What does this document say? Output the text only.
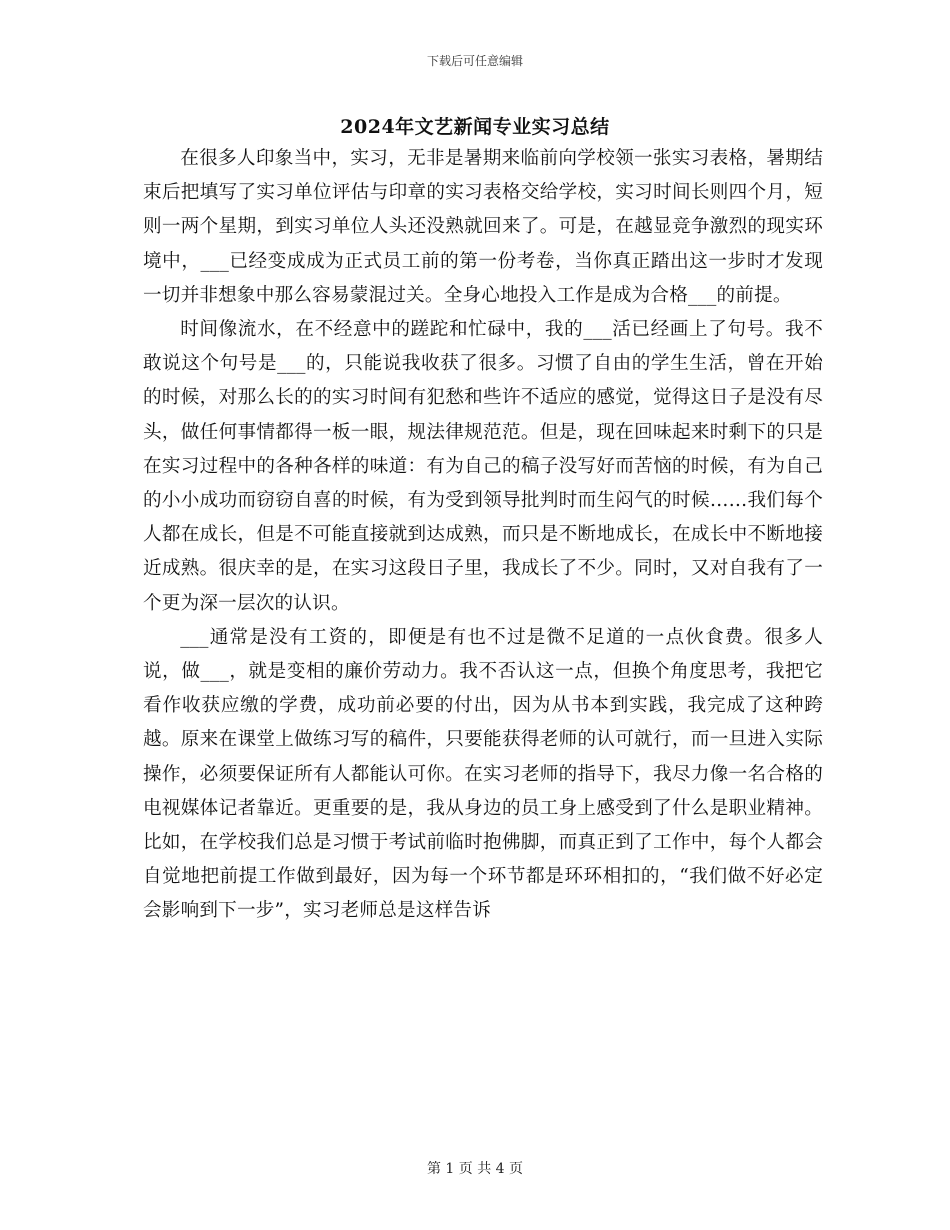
下载后可任意编辑
2024年文艺新闻专业实习总结

在很多人印象当中，实习，无非是暑期来临前向学校领一张实习表格，暑期结束后把填写了实习单位评估与印章的实习表格交给学校，实习时间长则四个月，短则一两个星期，到实习单位人头还没熟就回来了。可是，在越显竞争激烈的现实环境中，___已经变成成为正式员工前的第一份考卷，当你真正踏出这一步时才发现一切并非想象中那么容易蒙混过关。全身心地投入工作是成为合格___的前提。

时间像流水，在不经意中的蹉跎和忙碌中，我的___活已经画上了句号。我不敢说这个句号是___的，只能说我收获了很多。习惯了自由的学生生活，曾在开始的时候，对那么长的的实习时间有犯愁和些许不适应的感觉，觉得这日子是没有尽头，做任何事情都得一板一眼，规法律规范范。但是，现在回味起来时剩下的只是在实习过程中的各种各样的味道：有为自己的稿子没写好而苦恼的时候，有为自己的小小成功而窃窃自喜的时候，有为受到领导批判时而生闷气的时候……我们每个人都在成长，但是不可能直接就到达成熟，而只是不断地成长，在成长中不断地接近成熟。很庆幸的是，在实习这段日子里，我成长了不少。同时，又对自我有了一个更为深一层次的认识。

___通常是没有工资的，即便是有也不过是微不足道的一点伙食费。很多人说，做___，就是变相的廉价劳动力。我不否认这一点，但换个角度思考，我把它看作收获应缴的学费，成功前必要的付出，因为从书本到实践，我完成了这种跨越。原来在课堂上做练习写的稿件，只要能获得老师的认可就行，而一旦进入实际操作，必须要保证所有人都能认可你。在实习老师的指导下，我尽力像一名合格的电视媒体记者靠近。更重要的是，我从身边的员工身上感受到了什么是职业精神。比如，在学校我们总是习惯于考试前临时抱佛脚，而真正到了工作中，每个人都会自觉地把前提工作做到最好，因为每一个环节都是环环相扣的，“我们做不好必定会影响到下一步”，实习老师总是这样告诉

第 1 页 共 4 页
